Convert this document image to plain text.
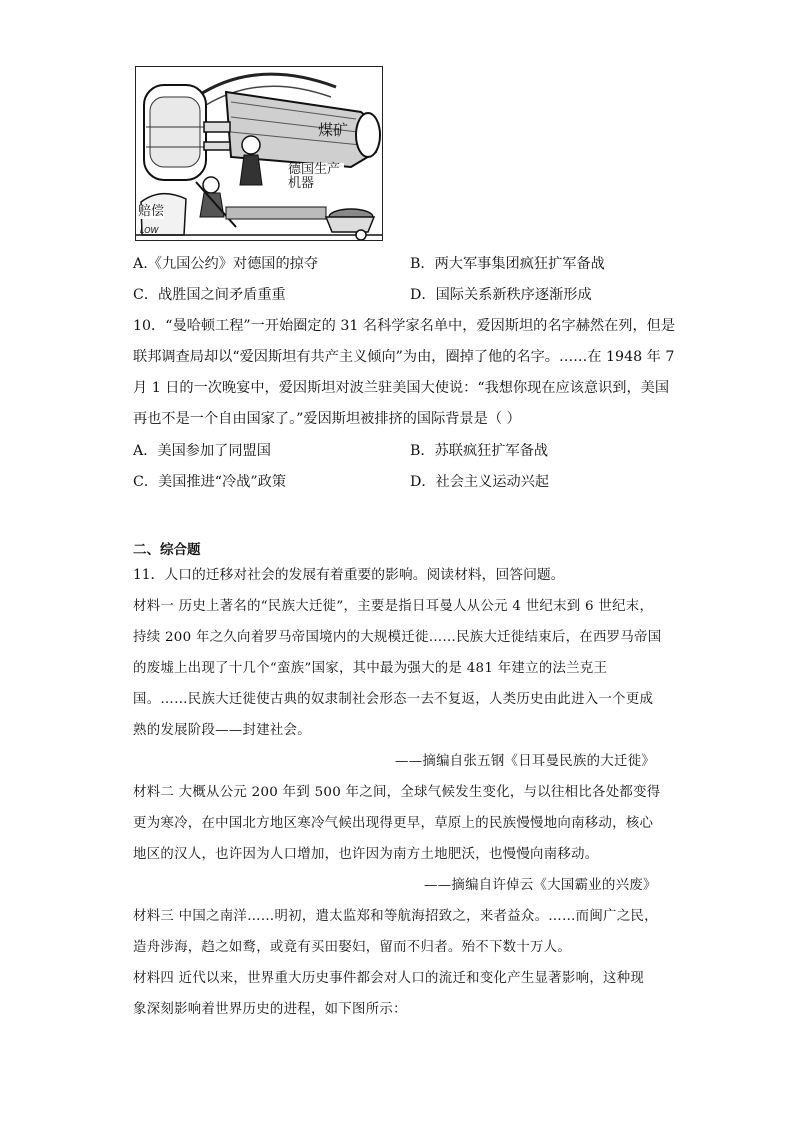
煤矿
德国生产机器
赔偿
LOW
A.《九国公约》对德国的掠夺	B．两大军事集团疯狂扩军备战
C．战胜国之间矛盾重重	D．国际关系新秩序逐渐形成
10．“曼哈顿工程”一开始圈定的 31 名科学家名单中，爱因斯坦的名字赫然在列，但是
联邦调查局却以“爱因斯坦有共产主义倾向”为由，圈掉了他的名字。……在 1948 年 7
月 1 日的一次晚宴中，爱因斯坦对波兰驻美国大使说：“我想你现在应该意识到，美国
再也不是一个自由国家了。”爱因斯坦被排挤的国际背景是（ ）
A．美国参加了同盟国	B．苏联疯狂扩军备战
C．美国推进“冷战”政策	D．社会主义运动兴起
二、综合题
11．人口的迁移对社会的发展有着重要的影响。阅读材料，回答问题。
材料一 历史上著名的“民族大迁徙”，主要是指日耳曼人从公元 4 世纪末到 6 世纪末，
持续 200 年之久向着罗马帝国境内的大规模迁徙……民族大迁徙结束后，在西罗马帝国
的废墟上出现了十几个“蛮族”国家，其中最为强大的是 481 年建立的法兰克王
国。……民族大迁徙使古典的奴隶制社会形态一去不复返，人类历史由此进入一个更成
熟的发展阶段——封建社会。
——摘编自张五钢《日耳曼民族的大迁徙》
材料二 大概从公元 200 年到 500 年之间，全球气候发生变化，与以往相比各处都变得
更为寒冷，在中国北方地区寒冷气候出现得更早，草原上的民族慢慢地向南移动，核心
地区的汉人，也许因为人口增加，也许因为南方土地肥沃，也慢慢向南移动。
——摘编自许倬云《大国霸业的兴废》
材料三 中国之南洋……明初，遣太监郑和等航海招致之，来者益众。……而闽广之民，
造舟涉海，趋之如鹜，或竟有买田娶妇，留而不归者。殆不下数十万人。
材料四 近代以来，世界重大历史事件都会对人口的流迁和变化产生显著影响，这种现
象深刻影响着世界历史的进程，如下图所示：
